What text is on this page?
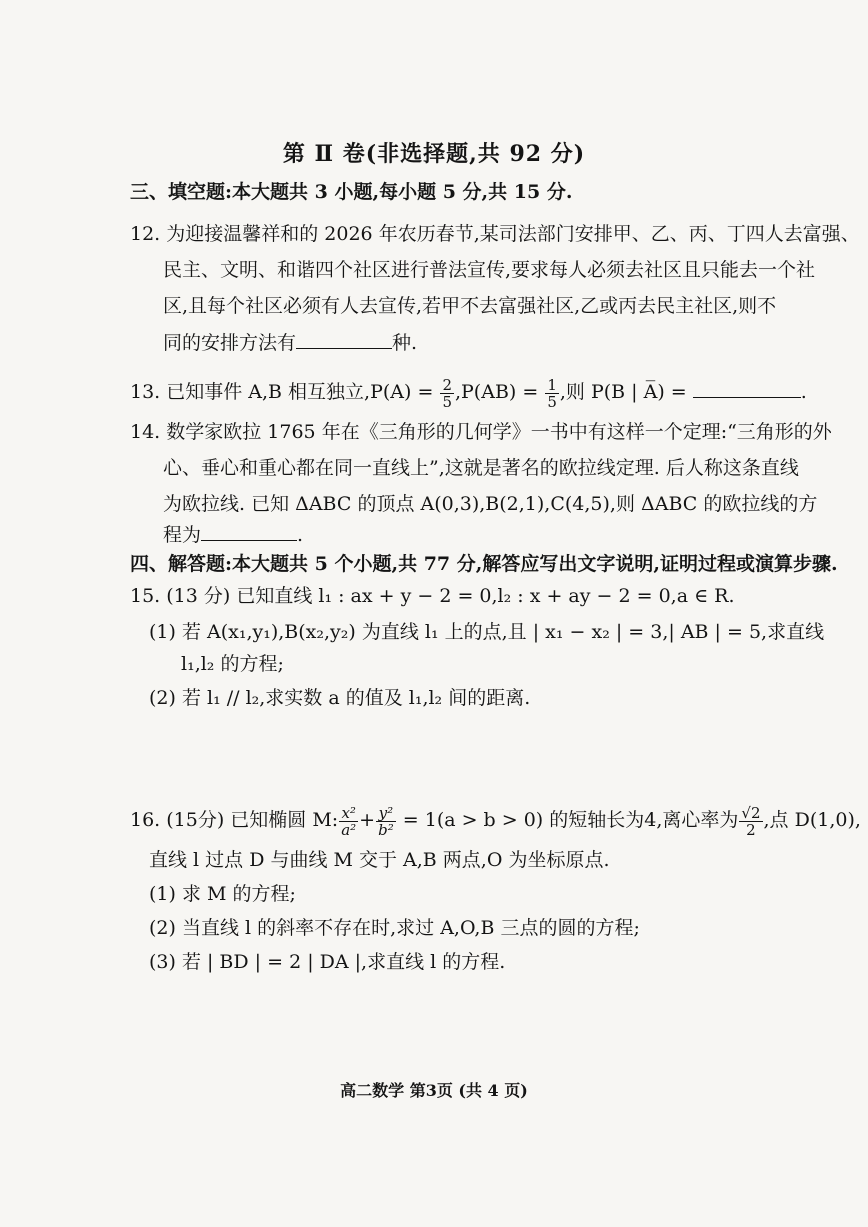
第 Ⅱ 卷(非选择题,共 92 分)
三、填空题:本大题共 3 小题,每小题 5 分,共 15 分.
12. 为迎接温馨祥和的 2026 年农历春节,某司法部门安排甲、乙、丙、丁四人去富强、
民主、文明、和谐四个社区进行普法宣传,要求每人必须去社区且只能去一个社
区,且每个社区必须有人去宣传,若甲不去富强社区,乙或丙去民主社区,则不
同的安排方法有	种.
13. 已知事件 A,B 相互独立$,P(A) = \frac{2}{5} ,P(AB) = \frac{1}{5}$ ,则 P(B | A̅) =	.
14. 数学家欧拉 1765 年在《三角形的几何学》一书中有这样一个定理:“三角形的外
心、垂心和重心都在同一直线上”,这就是著名的欧拉线定理. 后人称这条直线
为欧拉线. 已知 ΔABC 的顶点 A(0,3),B(2,1),C(4,5),则 ΔABC 的欧拉线的方
程为	.
四、解答题:本大题共 5 个小题,共 77 分,解答应写出文字说明,证明过程或演算步骤.
15. (13 分) 已知直线 l₁ : ax + y − 2 = 0,l₂ : x + ay − 2 = 0,a ∈ R.
(1) 若 A(x₁,y₁),B(x₂,y₂) 为直线 l₁ 上的点,且 | x₁ − x₂ | = 3,| AB | = 5,求直线
l₁,l₂ 的方程;
(2) 若 l₁ // l₂,求实数 a 的值及 l₁,l₂ 间的距离.
16. (15分) 已知椭圆 M: $\frac{\text{x²}}{\text{a²}} + \frac{\text{y²}}{\text{b²}} = 1(a > b > 0)$ 的短轴长为4,离心率为 $\frac{√2}{2}$ ,点 D(1,0),
直线 l 过点 D 与曲线 M 交于 A,B 两点,O 为坐标原点.
(1) 求 M 的方程;
(2) 当直线 l 的斜率不存在时,求过 A,O,B 三点的圆的方程;
(3) 若 | BD | = 2 | DA |,求直线 l 的方程.
高二数学 第3页 (共 4 页)
